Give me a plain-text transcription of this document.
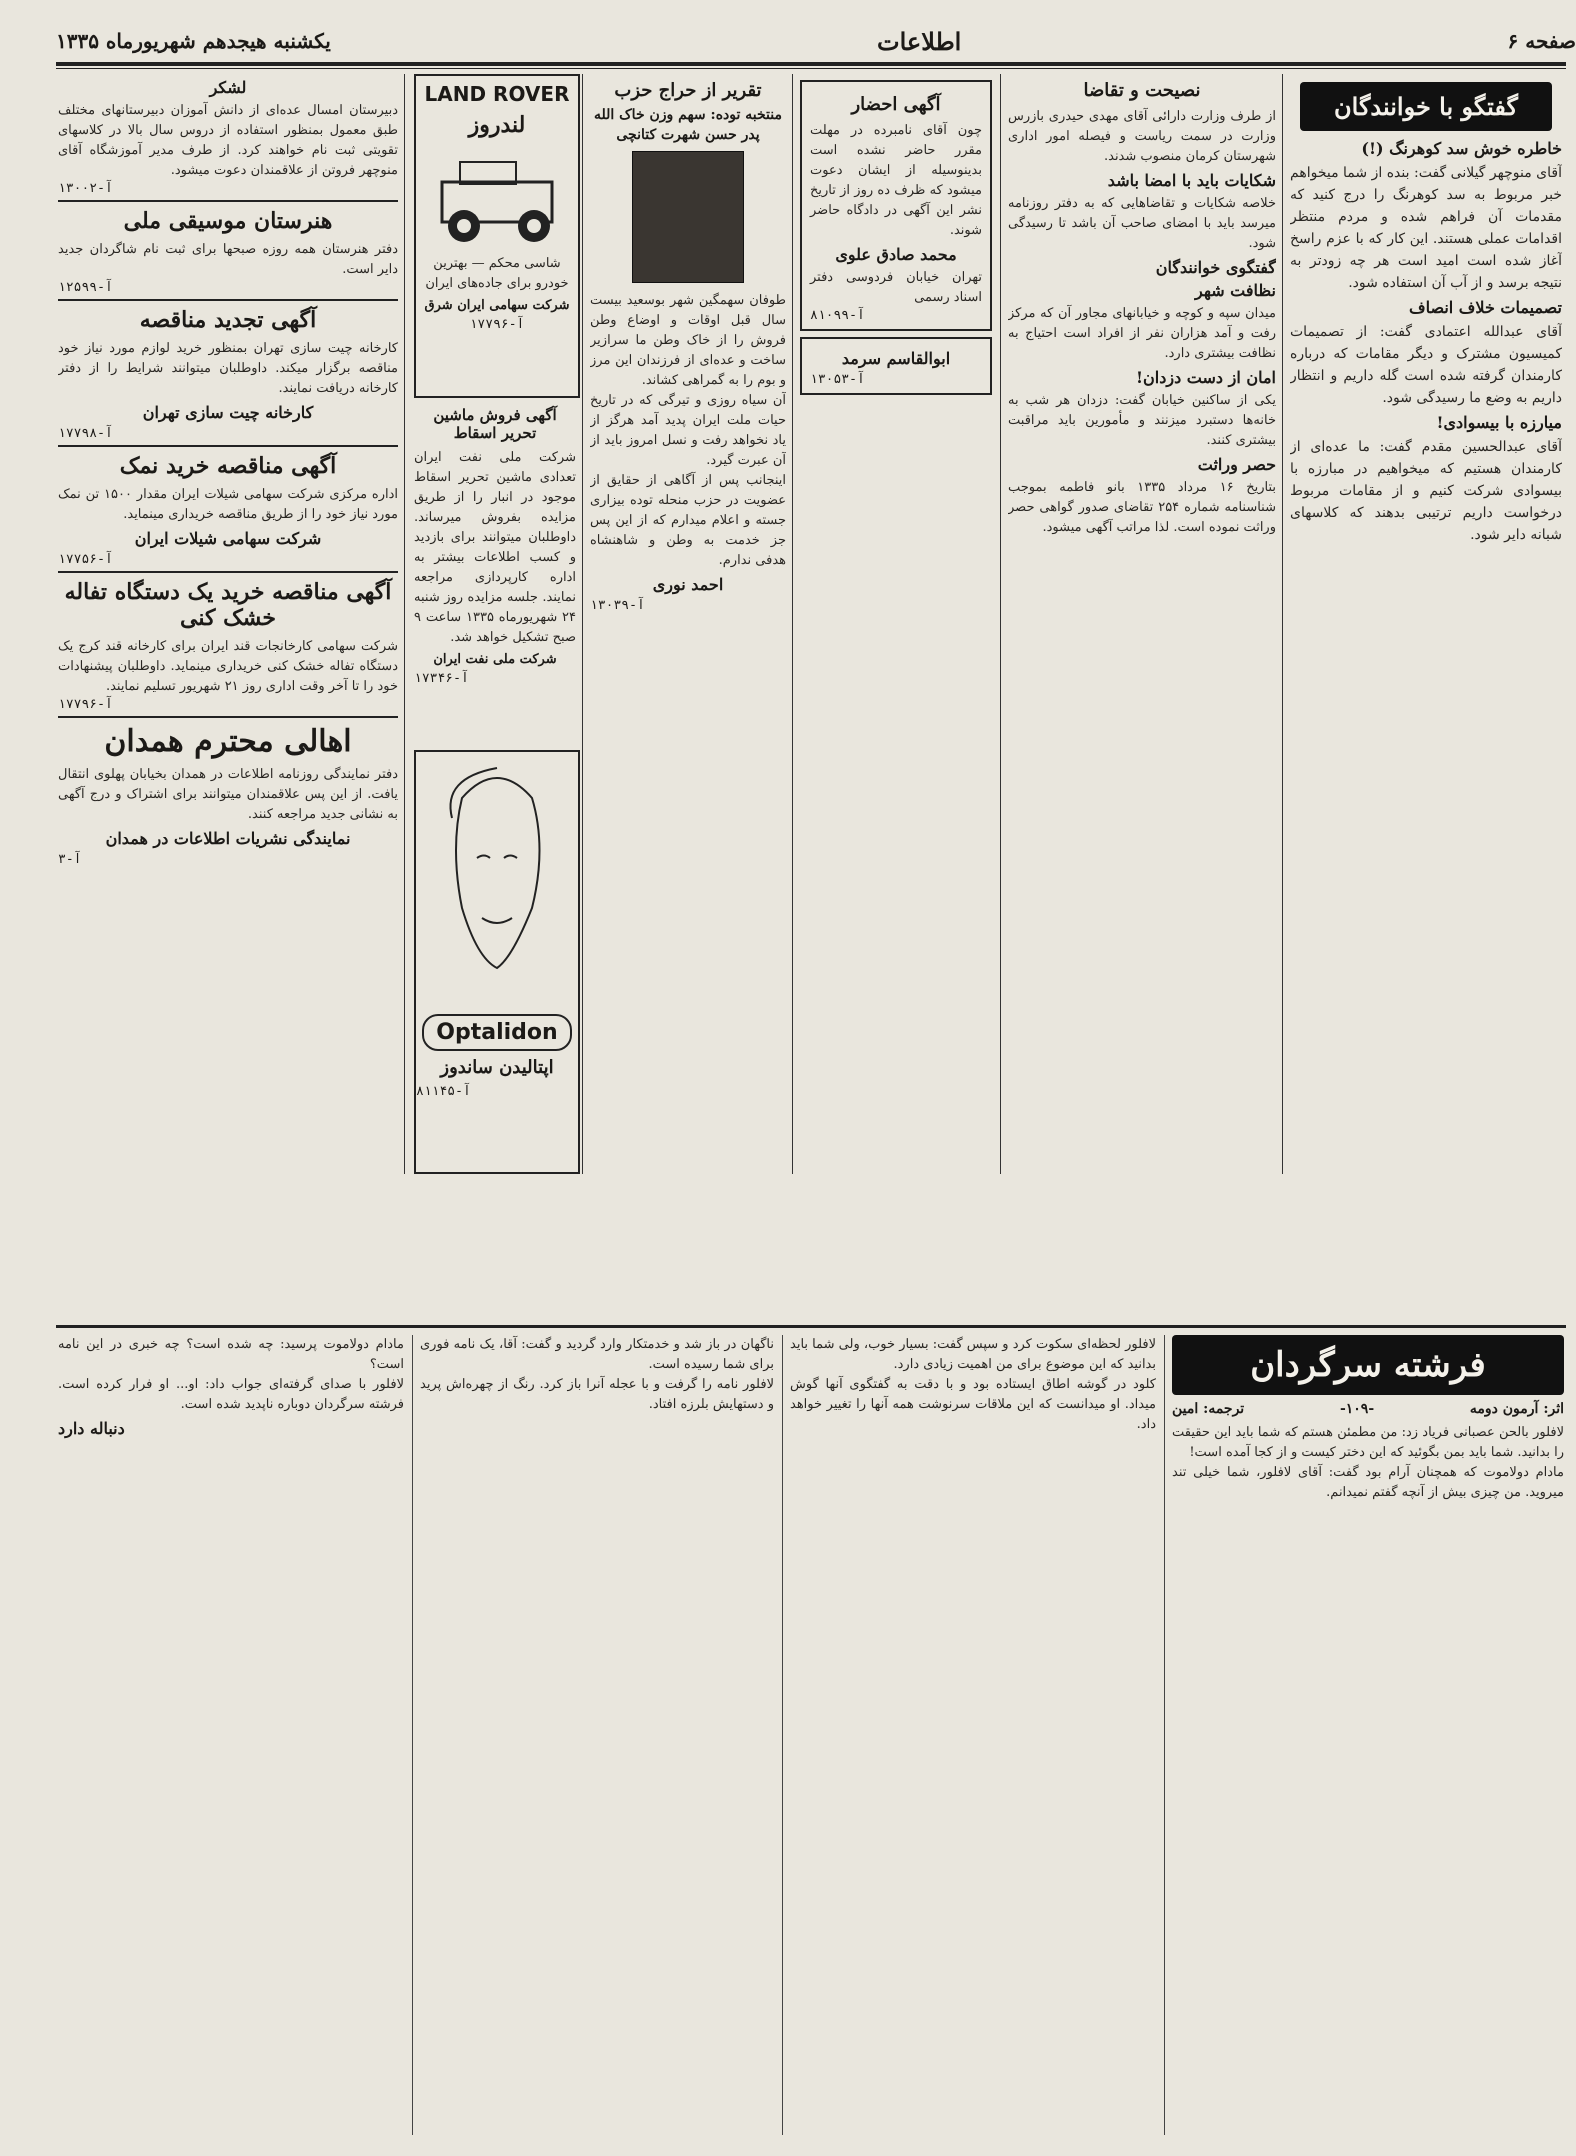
صفحه ۶
اطلاعات
یکشنبه هیجدهم شهریورماه ۱۳۳۵
گفتگو با خوانندگان
خاطره خوش سد کوهرنگ (!)
آقای منوچهر گیلانی گفت: بنده از شما میخواهم خبر مربوط به سد کوهرنگ را درج کنید که مقدمات آن فراهم شده و مردم منتظر اقدامات عملی هستند. این کار که با عزم راسخ آغاز شده است امید است هر چه زودتر به نتیجه برسد و از آب آن استفاده شود.
تصمیمات خلاف انصاف
آقای عبدالله اعتمادی گفت: از تصمیمات کمیسیون مشترک و دیگر مقامات که درباره کارمندان گرفته شده است گله داریم و انتظار داریم به وضع ما رسیدگی شود.
میارزه با بیسوادی!
آقای عبدالحسین مقدم گفت: ما عده‌ای از کارمندان هستیم که میخواهیم در مبارزه با بیسوادی شرکت کنیم و از مقامات مربوط درخواست داریم ترتیبی بدهند که کلاسهای شبانه دایر شود.
نصیحت و تقاضا
از طرف وزارت دارائی آقای مهدی حیدری بازرس وزارت در سمت ریاست و فیصله امور اداری شهرستان کرمان منصوب شدند.
شکایات باید با امضا باشد
خلاصه شکایات و تقاضاهایی که به دفتر روزنامه میرسد باید با امضای صاحب آن باشد تا رسیدگی شود.
گفتگوی خوانندگان
نظافت شهر
میدان سپه و کوچه و خیابانهای مجاور آن که مرکز رفت و آمد هزاران نفر از افراد است احتیاج به نظافت بیشتری دارد.
امان از دست دزدان!
یکی از ساکنین خیابان گفت: دزدان هر شب به خانه‌ها دستبرد میزنند و مأمورین باید مراقبت بیشتری کنند.
حصر وراثت
بتاریخ ۱۶ مرداد ۱۳۳۵ بانو فاطمه بموجب شناسنامه شماره ۲۵۴ تقاضای صدور گواهی حصر وراثت نموده است. لذا مراتب آگهی میشود.
آگهی احضار
چون آقای نامبرده در مهلت مقرر حاضر نشده است بدینوسیله از ایشان دعوت میشود که ظرف ده روز از تاریخ نشر این آگهی در دادگاه حاضر شوند.
محمد صادق علوی
تهران خیابان فردوسی دفتر اسناد رسمی
آ-۸۱۰۹۹
ابوالقاسم سرمد
آ-۱۳۰۵۳
تقرير از حراج حزب
منتخبه توده: سهم وزن خاک الله
پدر حسن شهرت کتانچی
طوفان سهمگین شهر بوسعید بیست سال قبل اوقات و اوضاع وطن فروش را از خاک وطن ما سرازیر ساخت و عده‌ای از فرزندان این مرز و بوم را به گمراهی کشاند.
آن سیاه روزی و تیرگی که در تاریخ حیات ملت ایران پدید آمد هرگز از یاد نخواهد رفت و نسل امروز باید از آن عبرت گیرد.
اینجانب پس از آگاهی از حقایق از عضویت در حزب منحله توده بیزاری جسته و اعلام میدارم که از این پس جز خدمت به وطن و شاهنشاه هدفی ندارم.
احمد نوری
آ-۱۳۰۳۹
LAND ROVER
لندروز
شاسی محکم — بهترین خودرو برای جاده‌های ایران
شرکت سهامی ایران شرق
آ-۱۷۷۹۶
آگهی فروش ماشین تحریر اسقاط
شرکت ملی نفت ایران تعدادی ماشین تحریر اسقاط موجود در انبار را از طریق مزایده بفروش میرساند. داوطلبان میتوانند برای بازدید و کسب اطلاعات بیشتر به اداره کارپردازی مراجعه نمایند. جلسه مزایده روز شنبه ۲۴ شهریورماه ۱۳۳۵ ساعت ۹ صبح تشکیل خواهد شد.
شرکت ملی نفت ایران
آ-۱۷۳۴۶
Optalidon
اپتالیدن ساندوز
آ-۸۱۱۴۵
لشکر
دبیرستان امسال عده‌ای از دانش آموزان دبیرستانهای مختلف طبق معمول بمنظور استفاده از دروس سال بالا در کلاسهای تقویتی ثبت نام خواهند کرد. از طرف مدیر آموزشگاه آقای منوچهر فروتن از علاقمندان دعوت میشود.
آ-۱۳۰۰۲
هنرستان موسیقی ملی
دفتر هنرستان همه روزه صبحها برای ثبت نام شاگردان جدید دایر است.
آ-۱۲۵۹۹
آگهی تجدید مناقصه
کارخانه چیت سازی تهران بمنظور خرید لوازم مورد نیاز خود مناقصه برگزار میکند. داوطلبان میتوانند شرایط را از دفتر کارخانه دریافت نمایند.
کارخانه چیت سازی تهران
آ-۱۷۷۹۸
آگهی مناقصه خرید نمک
اداره مرکزی شرکت سهامی شیلات ایران مقدار ۱۵۰۰ تن نمک مورد نیاز خود را از طریق مناقصه خریداری مینماید.
شرکت سهامی شیلات ایران
آ-۱۷۷۵۶
آگهی مناقصه خرید یک دستگاه تفاله خشک کنی
شرکت سهامی کارخانجات قند ایران برای کارخانه قند کرج یک دستگاه تفاله خشک کنی خریداری مینماید. داوطلبان پیشنهادات خود را تا آخر وقت اداری روز ۲۱ شهریور تسلیم نمایند.
آ-۱۷۷۹۶
اهالی محترم همدان
دفتر نمایندگی روزنامه اطلاعات در همدان بخیابان پهلوی انتقال یافت. از این پس علاقمندان میتوانند برای اشتراک و درج آگهی به نشانی جدید مراجعه کنند.
نمایندگی نشریات اطلاعات در همدان
آ-۳
فرشته سرگردان
اثر: آرمون دومه
-۱۰۹-
ترجمه: امین
لافلور بالحن عصبانی فریاد زد: من مطمئن هستم که شما باید این حقیقت را بدانید. شما باید بمن بگوئید که این دختر کیست و از کجا آمده است!
مادام دولاموت که همچنان آرام بود گفت: آقای لافلور، شما خیلی تند میروید. من چیزی بیش از آنچه گفتم نمیدانم.
لافلور لحظه‌ای سکوت کرد و سپس گفت: بسیار خوب، ولی شما باید بدانید که این موضوع برای من اهمیت زیادی دارد.
کلود در گوشه اطاق ایستاده بود و با دقت به گفتگوی آنها گوش میداد. او میدانست که این ملاقات سرنوشت همه آنها را تغییر خواهد داد.
ناگهان در باز شد و خدمتکار وارد گردید و گفت: آقا، یک نامه فوری برای شما رسیده است.
لافلور نامه را گرفت و با عجله آنرا باز کرد. رنگ از چهره‌اش پرید و دستهایش بلرزه افتاد.
مادام دولاموت پرسید: چه شده است؟ چه خبری در این نامه است؟
لافلور با صدای گرفته‌ای جواب داد: او... او فرار کرده است. فرشته سرگردان دوباره ناپدید شده است.
دنباله دارد
